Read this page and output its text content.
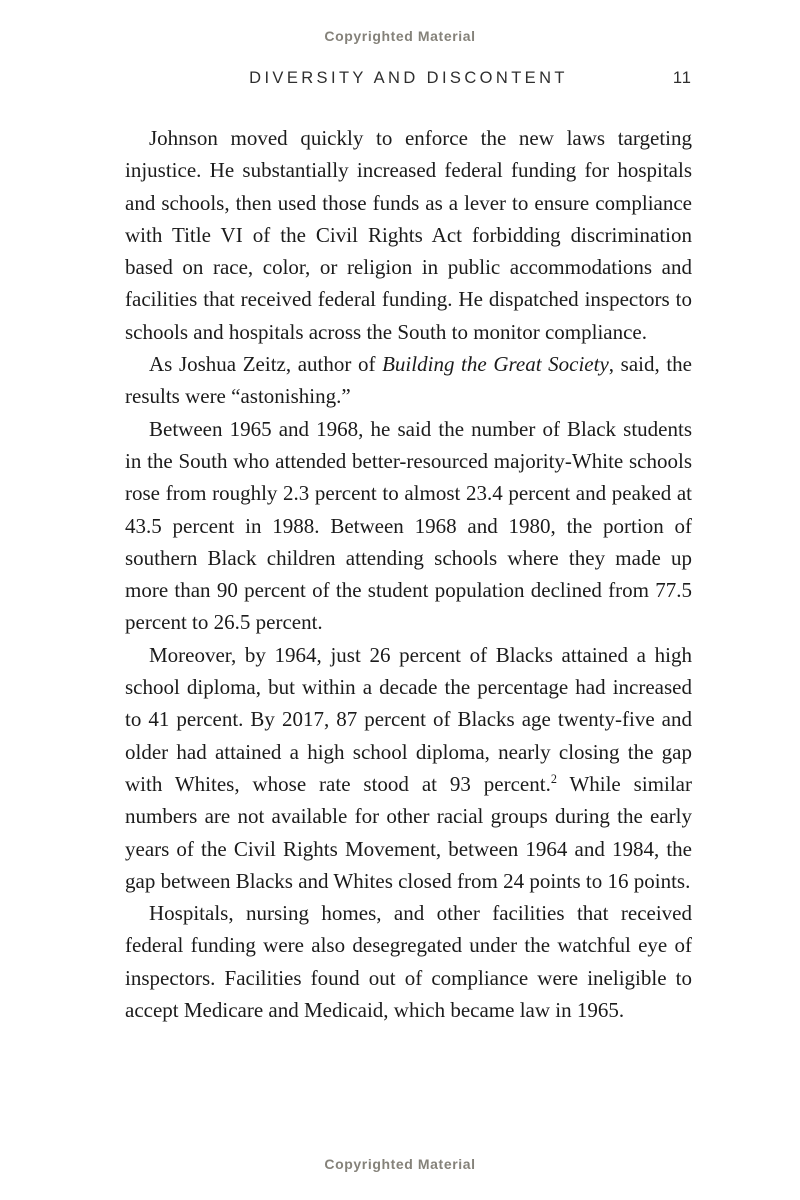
Copyrighted Material
DIVERSITY AND DISCONTENT	11

Johnson moved quickly to enforce the new laws targeting injustice. He substantially increased federal funding for hospitals and schools, then used those funds as a lever to ensure compliance with Title VI of the Civil Rights Act forbidding discrimination based on race, color, or religion in public accommodations and facilities that received federal funding. He dispatched inspectors to schools and hospitals across the South to monitor compliance.

As Joshua Zeitz, author of Building the Great Society, said, the results were “astonishing.”

Between 1965 and 1968, he said the number of Black students in the South who attended better-resourced majority-White schools rose from roughly 2.3 percent to almost 23.4 percent and peaked at 43.5 percent in 1988. Between 1968 and 1980, the portion of southern Black children attending schools where they made up more than 90 percent of the student population declined from 77.5 percent to 26.5 percent.

Moreover, by 1964, just 26 percent of Blacks attained a high school diploma, but within a decade the percentage had increased to 41 percent. By 2017, 87 percent of Blacks age twenty-five and older had attained a high school diploma, nearly closing the gap with Whites, whose rate stood at 93 percent.$^2$ While similar numbers are not available for other racial groups during the early years of the Civil Rights Movement, between 1964 and 1984, the gap between Blacks and Whites closed from 24 points to 16 points.

Hospitals, nursing homes, and other facilities that received federal funding were also desegregated under the watchful eye of inspectors. Facilities found out of compliance were ineligible to accept Medicare and Medicaid, which became law in 1965.

Copyrighted Material
